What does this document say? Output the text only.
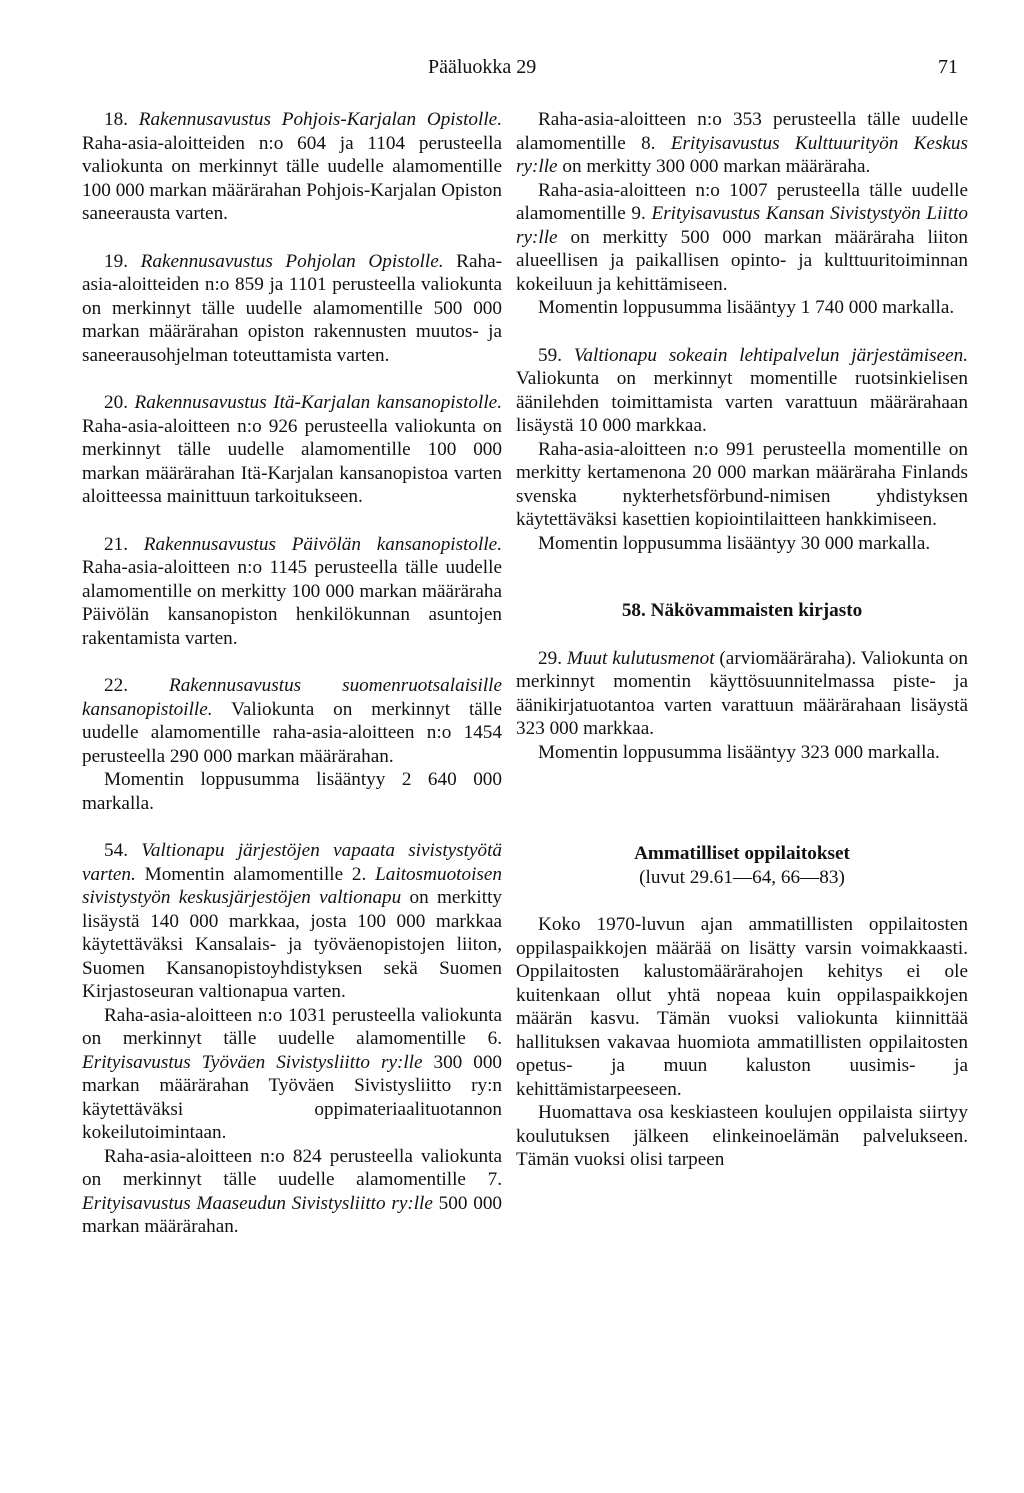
Pääluokka 29	71

18. Rakennusavustus Pohjois-Karjalan Opistolle. Raha-asia-aloitteiden n:o 604 ja 1104 perusteella valiokunta on merkinnyt tälle uudelle alamomentille 100 000 markan määrärahan Pohjois-Karjalan Opiston saneerausta varten.

19. Rakennusavustus Pohjolan Opistolle. Raha-asia-aloitteiden n:o 859 ja 1101 perusteella valiokunta on merkinnyt tälle uudelle alamomentille 500 000 markan määrärahan opiston rakennusten muutos- ja saneerausohjelman toteuttamista varten.

20. Rakennusavustus Itä-Karjalan kansanopistolle. Raha-asia-aloitteen n:o 926 perusteella valiokunta on merkinnyt tälle uudelle alamomentille 100 000 markan määrärahan Itä-Karjalan kansanopistoa varten aloitteessa mainittuun tarkoitukseen.

21. Rakennusavustus Päivölän kansanopistolle. Raha-asia-aloitteen n:o 1145 perusteella tälle uudelle alamomentille on merkitty 100 000 markan määräraha Päivölän kansanopiston henkilökunnan asuntojen rakentamista varten.

22. Rakennusavustus suomenruotsalaisille kansanopistoille. Valiokunta on merkinnyt tälle uudelle alamomentille raha-asia-aloitteen n:o 1454 perusteella 290 000 markan määrärahan.

Momentin loppusumma lisääntyy 2 640 000 markalla.

54. Valtionapu järjestöjen vapaata sivistystyötä varten. Momentin alamomentille 2. Laitosmuotoisen sivistystyön keskusjärjestöjen valtionapu on merkitty lisäystä 140 000 markkaa, josta 100 000 markkaa käytettäväksi Kansalais- ja työväenopistojen liiton, Suomen Kansanopistoyhdistyksen sekä Suomen Kirjastoseuran valtionapua varten.

Raha-asia-aloitteen n:o 1031 perusteella valiokunta on merkinnyt tälle uudelle alamomentille 6. Erityisavustus Työväen Sivistysliitto ry:lle 300 000 markan määrärahan Työväen Sivistysliitto ry:n käytettäväksi oppimateriaalituotannon kokeilutoimintaan.

Raha-asia-aloitteen n:o 824 perusteella valiokunta on merkinnyt tälle uudelle alamomentille 7. Erityisavustus Maaseudun Sivistysliitto ry:lle 500 000 markan määrärahan.

Raha-asia-aloitteen n:o 353 perusteella tälle uudelle alamomentille 8. Erityisavustus Kulttuurityön Keskus ry:lle on merkitty 300 000 markan määräraha.

Raha-asia-aloitteen n:o 1007 perusteella tälle uudelle alamomentille 9. Erityisavustus Kansan Sivistystyön Liitto ry:lle on merkitty 500 000 markan määräraha liiton alueellisen ja paikallisen opinto- ja kulttuuritoiminnan kokeiluun ja kehittämiseen.

Momentin loppusumma lisääntyy 1 740 000 markalla.

59. Valtionapu sokeain lehtipalvelun järjestämiseen. Valiokunta on merkinnyt momentille ruotsinkielisen äänilehden toimittamista varten varattuun määrärahaan lisäystä 10 000 markkaa.

Raha-asia-aloitteen n:o 991 perusteella momentille on merkitty kertamenona 20 000 markan määräraha Finlands svenska nykterhetsförbund-nimisen yhdistyksen käytettäväksi kasettien kopiointilaitteen hankkimiseen.

Momentin loppusumma lisääntyy 30 000 markalla.

58. Näkövammaisten kirjasto

29. Muut kulutusmenot (arviomääräraha). Valiokunta on merkinnyt momentin käyttösuunnitelmassa piste- ja äänikirjatuotantoa varten varattuun määrärahaan lisäystä 323 000 markkaa.

Momentin loppusumma lisääntyy 323 000 markalla.

Ammatilliset oppilaitokset

(luvut 29.61—64, 66—83)

Koko 1970-luvun ajan ammatillisten oppilaitosten oppilaspaikkojen määrää on lisätty varsin voimakkaasti. Oppilaitosten kalustomäärärahojen kehitys ei ole kuitenkaan ollut yhtä nopeaa kuin oppilaspaikkojen määrän kasvu. Tämän vuoksi valiokunta kiinnittää hallituksen vakavaa huomiota ammatillisten oppilaitosten opetus- ja muun kaluston uusimis- ja kehittämistarpeeseen.

Huomattava osa keskiasteen koulujen oppilaista siirtyy koulutuksen jälkeen elinkeinoelämän palvelukseen. Tämän vuoksi olisi tarpeen
